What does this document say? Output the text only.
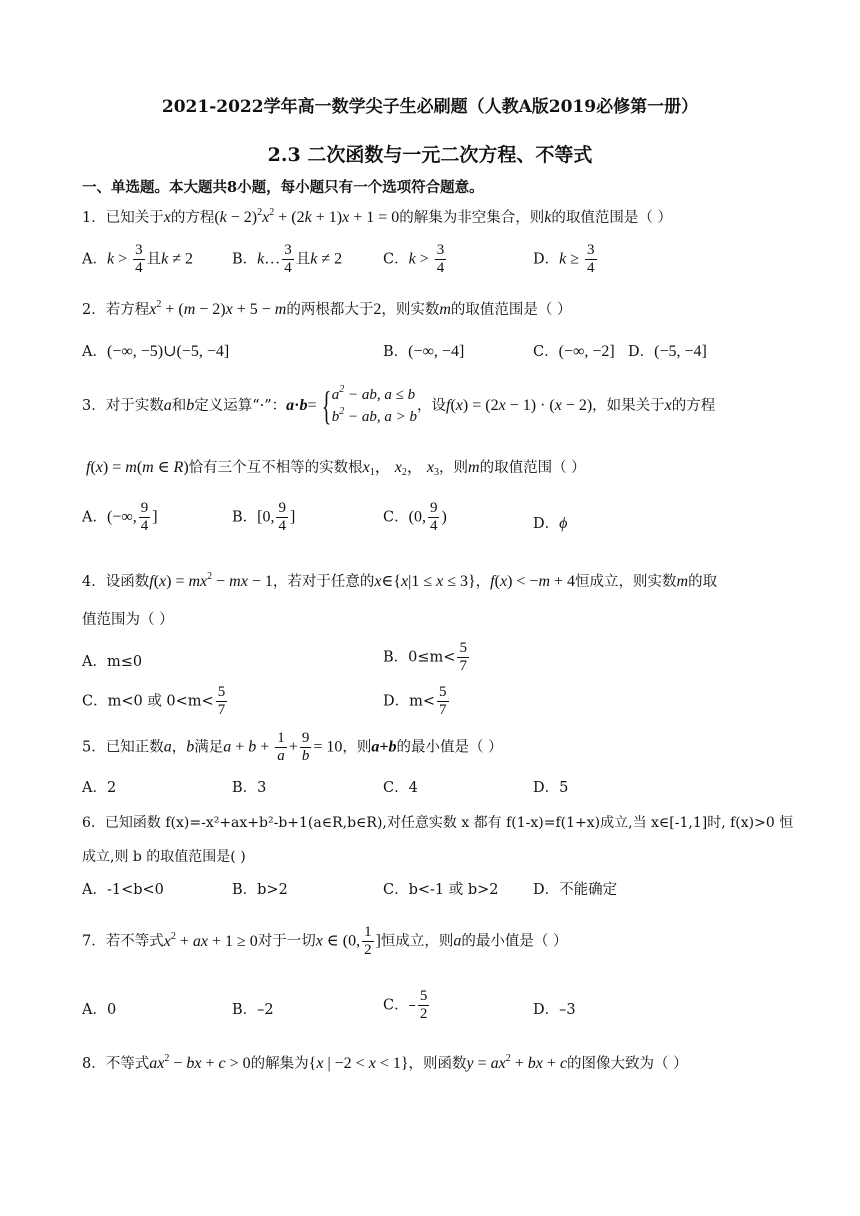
2021-2022学年高一数学尖子生必刷题（人教A版2019必修第一册）
2.3 二次函数与一元二次方程、不等式
一、单选题。本大题共8小题，每小题只有一个选项符合题意。
1．已知关于x的方程$(k - 2)^2x^2 + (2k + 1)x + 1 = 0$的解集为非空集合，则k的取值范围是（ ）
A．$k > \frac{3}{4}$ 且k ≠ 2	B．k… $\frac{3}{4}$ 且k ≠ 2	C．$k > \frac{3}{4}$	D．$k \ge \frac{3}{4}$
2．若方程$x^2 + (m - 2)x + 5 - m$的两根都大于2，则实数m的取值范围是（ ）
A．(−∞, −5)∪(−5, −4]	B．(−∞, −4]	C．(−∞, −2] D．(−5, −4]
3．对于实数a和b定义运算“·”：a·b= { $a^2$ − ab, a ≤ b
$b^2$ − ab, a > b
，设f(x) = (2x − 1) · (x − 2)，如果关于x的方程
f(x) = m(m ∈ R)恰有三个互不相等的实数根$x_1$， $x_2$， $x_3$，则m的取值范围（ ）
A．(−∞, $\frac{9}{4}$ ]	B．[0, $\frac{9}{4}$ ]	C．(0, $\frac{9}{4}$ )	D．ϕ
4．设函数$f(x) = mx^2$ − mx − 1，若对于任意的x∈{x|1 ≤ x ≤ 3}，f(x) < −m + 4恒成立，则实数m的取
值范围为（ ）
A．m≤0	B．$0\le m< \frac{5}{7}$
C．m<0 或 $0<m< \frac{5}{7}$	D．$m< \frac{5}{7}$
5．已知正数a，b满足$a + b + \frac{1}{a} + \frac{9}{b} = 10$，则a+b的最小值是（ ）
A．2	B．3	C．4	D．5
6．已知函数 f(x)=-x²+ax+b²-b+1(a∈R,b∈R),对任意实数 x 都有 f(1-x)=f(1+x)成立,当 x∈[-1,1]时, f(x)>0 恒
成立,则 b 的取值范围是( )
A．-1<b<0	B．b>2	C．b<-1 或 b>2 D．不能确定
7．若不等式$x^2$ + ax + 1 ≥ 0对于一切x ∈ (0, $\frac{1}{2}$ ]恒成立，则a的最小值是（ ）
A．0	B．–2	C．– $\frac{5}{2}$	D．–3
8．不等式$ax^2$ − bx + c > 0的解集为{x | −2 < x < 1}，则函数$y = ax^2$ + bx + c的图像大致为（ ）
